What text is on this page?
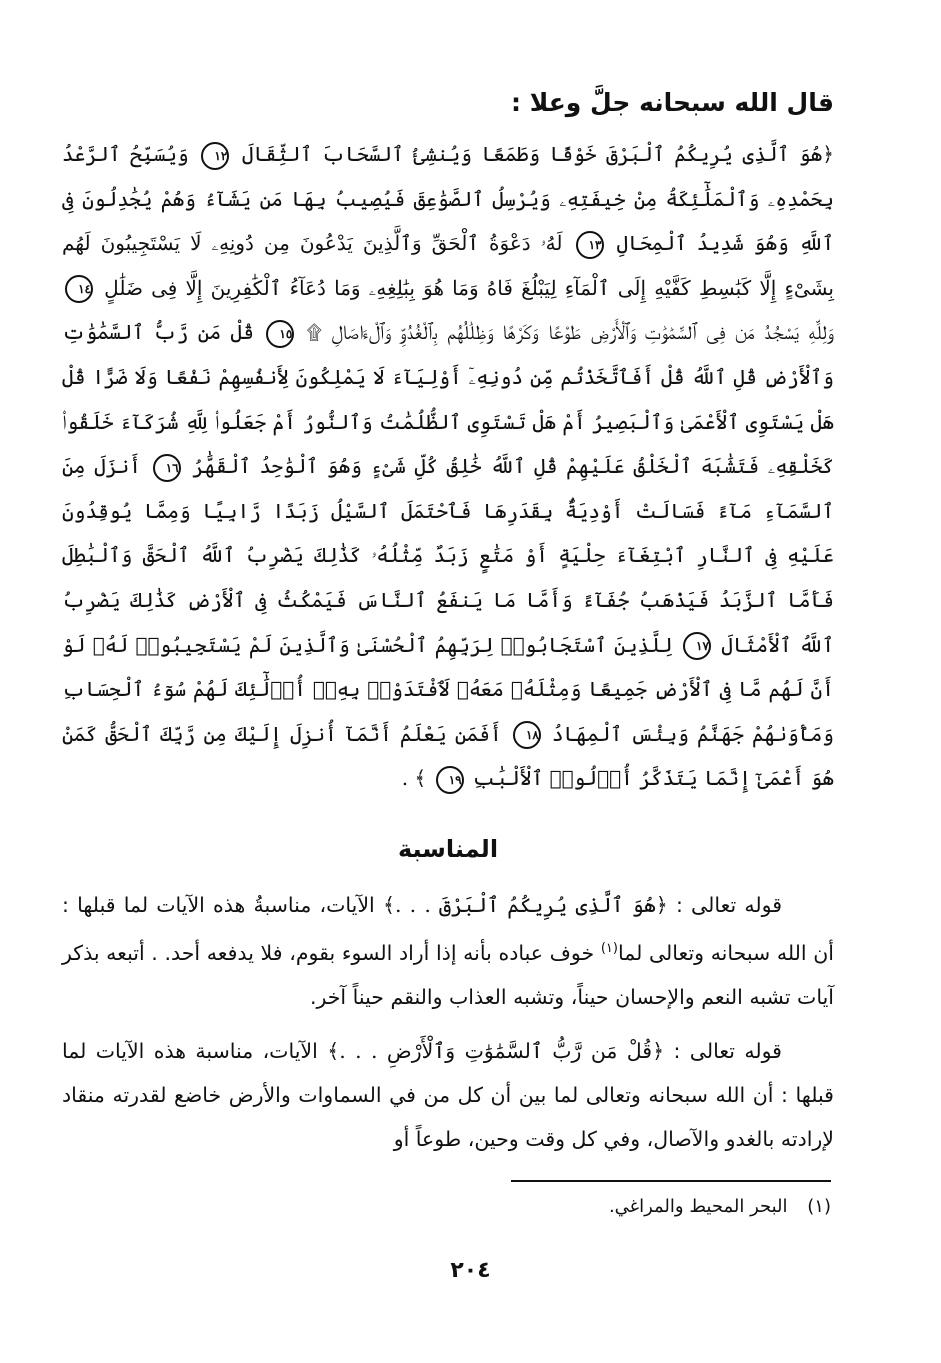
قال الله سبحانه جلَّ وعلا :

﴿هُوَ ٱلَّذِى يُرِيكُمُ ٱلْبَرْقَ خَوْفًا وَطَمَعًا وَيُنشِئُ ٱلسَّحَابَ ٱلثِّقَالَ ١٢ وَيُسَبِّحُ ٱلرَّعْدُ بِحَمْدِهِۦ وَٱلْمَلَٰٓئِكَةُ مِنْ خِيفَتِهِۦ وَيُرْسِلُ ٱلصَّوَٰعِقَ فَيُصِيبُ بِهَا مَن يَشَآءُ وَهُمْ يُجَٰدِلُونَ فِى ٱللَّهِ وَهُوَ شَدِيدُ ٱلْمِحَالِ ١٣ لَهُۥ دَعْوَةُ ٱلْحَقِّ وَٱلَّذِينَ يَدْعُونَ مِن دُونِهِۦ لَا يَسْتَجِيبُونَ لَهُم بِشَىْءٍ إِلَّا كَبَٰسِطِ كَفَّيْهِ إِلَى ٱلْمَآءِ لِيَبْلُغَ فَاهُ وَمَا هُوَ بِبَٰلِغِهِۦ وَمَا دُعَآءُ ٱلْكَٰفِرِينَ إِلَّا فِى ضَلَٰلٍ ١٤ وَلِلَّهِ يَسْجُدُ مَن فِى ٱلسَّمَٰوَٰتِ وَٱلْأَرْضِ طَوْعًا وَكَرْهًا وَظِلَٰلُهُم بِٱلْغُدُوِّ وَٱلْءَاصَالِ ۩ ١٥ قُلْ مَن رَّبُّ ٱلسَّمَٰوَٰتِ وَٱلْأَرْضِ قُلِ ٱللَّهُ قُلْ أَفَٱتَّخَذْتُم مِّن دُونِهِۦٓ أَوْلِيَآءَ لَا يَمْلِكُونَ لِأَنفُسِهِمْ نَفْعًا وَلَا ضَرًّا قُلْ هَلْ يَسْتَوِى ٱلْأَعْمَىٰ وَٱلْبَصِيرُ أَمْ هَلْ تَسْتَوِى ٱلظُّلُمَٰتُ وَٱلنُّورُ أَمْ جَعَلُوا۟ لِلَّهِ شُرَكَآءَ خَلَقُوا۟ كَخَلْقِهِۦ فَتَشَٰبَهَ ٱلْخَلْقُ عَلَيْهِمْ قُلِ ٱللَّهُ خَٰلِقُ كُلِّ شَىْءٍ وَهُوَ ٱلْوَٰحِدُ ٱلْقَهَّٰرُ ١٦ أَنزَلَ مِنَ ٱلسَّمَآءِ مَآءً فَسَالَتْ أَوْدِيَةٌۢ بِقَدَرِهَا فَٱحْتَمَلَ ٱلسَّيْلُ زَبَدًا رَّابِيًا وَمِمَّا يُوقِدُونَ عَلَيْهِ فِى ٱلنَّارِ ٱبْتِغَآءَ حِلْيَةٍ أَوْ مَتَٰعٍ زَبَدٌ مِّثْلُهُۥ كَذَٰلِكَ يَضْرِبُ ٱللَّهُ ٱلْحَقَّ وَٱلْبَٰطِلَ فَأَمَّا ٱلزَّبَدُ فَيَذْهَبُ جُفَآءً وَأَمَّا مَا يَنفَعُ ٱلنَّاسَ فَيَمْكُثُ فِى ٱلْأَرْضِ كَذَٰلِكَ يَضْرِبُ ٱللَّهُ ٱلْأَمْثَالَ ١٧ لِلَّذِينَ ٱسْتَجَابُوا۟ لِرَبِّهِمُ ٱلْحُسْنَىٰ وَٱلَّذِينَ لَمْ يَسْتَجِيبُوا۟ لَهُۥ لَوْ أَنَّ لَهُم مَّا فِى ٱلْأَرْضِ جَمِيعًا وَمِثْلَهُۥ مَعَهُۥ لَٱفْتَدَوْا۟ بِهِۦٓ أُو۟لَٰٓئِكَ لَهُمْ سُوٓءُ ٱلْحِسَابِ وَمَأْوَىٰهُمْ جَهَنَّمُ وَبِئْسَ ٱلْمِهَادُ ١٨ أَفَمَن يَعْلَمُ أَنَّمَآ أُنزِلَ إِلَيْكَ مِن رَّبِّكَ ٱلْحَقُّ كَمَنْ هُوَ أَعْمَىٰٓ إِنَّمَا يَتَذَكَّرُ أُو۟لُوا۟ ٱلْأَلْبَٰبِ ١٩ ﴾ .

المناسبة

قوله تعالى : ﴿هُوَ ٱلَّذِى يُرِيكُمُ ٱلْبَرْقَ . . .﴾ الآيات، مناسبةُ هذه الآيات لما قبلها : أن الله سبحانه وتعالى لما$^{(١)}$ خوف عباده بأنه إذا أراد السوء بقوم، فلا يدفعه أحد. . أتبعه بذكر آيات تشبه النعم والإحسان حيناً، وتشبه العذاب والنقم حيناً آخر.

قوله تعالى : ﴿قُلْ مَن رَّبُّ ٱلسَّمَٰوَٰتِ وَٱلْأَرْضِ . . .﴾ الآيات، مناسبة هذه الآيات لما قبلها : أن الله سبحانه وتعالى لما بين أن كل من في السماوات والأرض خاضع لقدرته منقاد لإرادته بالغدو والآصال، وفي كل وقت وحين، طوعاً أو

(١) البحر المحيط والمراغي.
٢٠٤
